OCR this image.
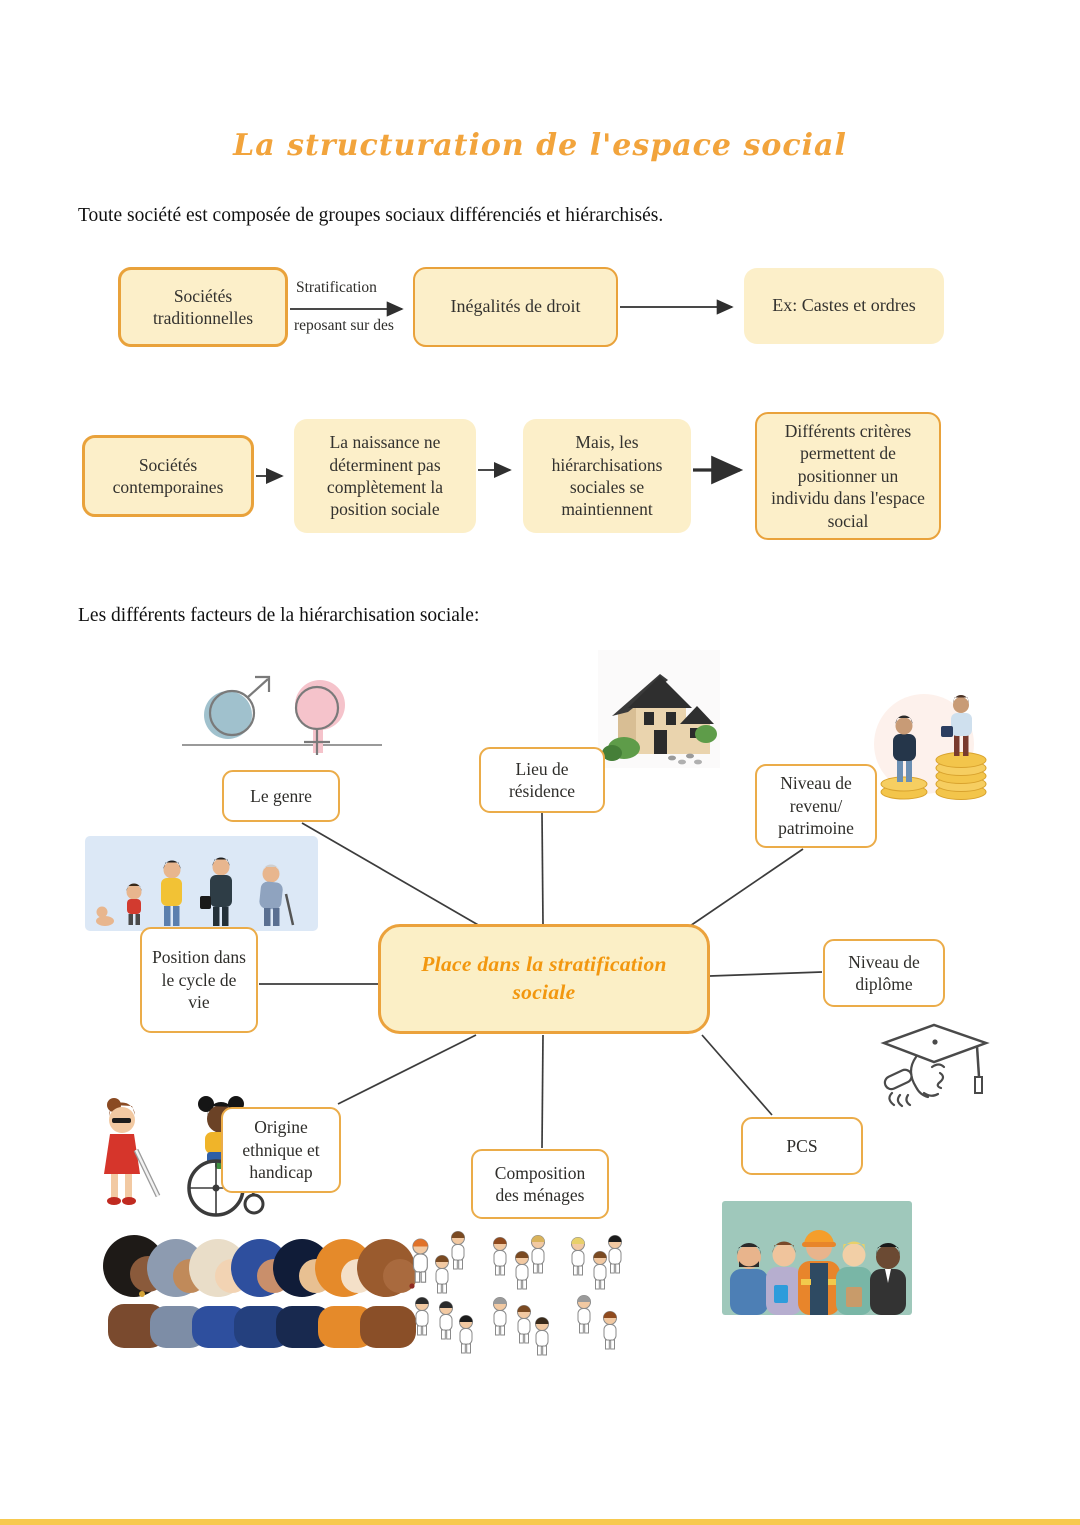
La structuration de l'espace social
Toute société est composée de groupes sociaux différenciés et hiérarchisés.
Les différents facteurs de la hiérarchisation sociale:
Sociétés traditionnelles
Stratification
reposant sur des
Inégalités de droit	Ex: Castes et ordres
Sociétés contemporaines
La naissance ne déterminent pas complètement la position sociale
Mais, les hiérarchisations sociales se maintiennent
Différents critères permettent de positionner un individu dans l'espace social
Place dans la stratification sociale
Le genre
Lieu de résidence	Niveau de revenu/ patrimoine
Position dans le cycle de vie
Niveau de diplôme
Origine ethnique et handicap	Composition des ménages
PCS
